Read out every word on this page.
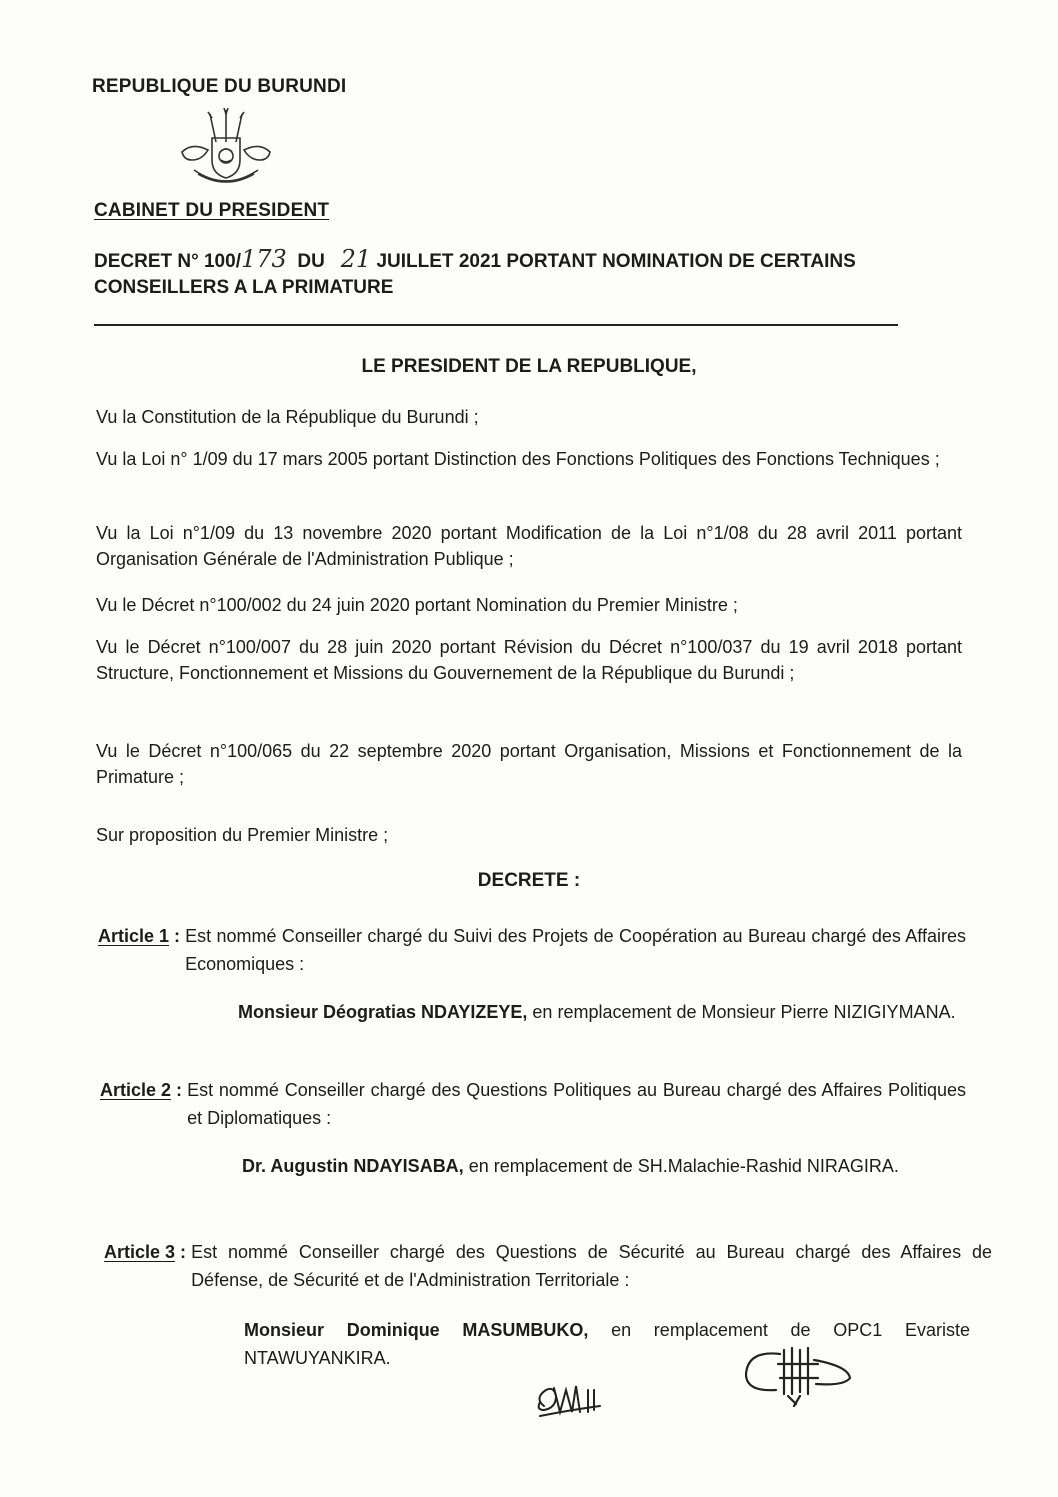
REPUBLIQUE DU BURUNDI
CABINET DU PRESIDENT
DECRET N° 100/173 DU 21 JUILLET 2021 PORTANT NOMINATION DE CERTAINS
CONSEILLERS A LA PRIMATURE
LE PRESIDENT DE LA REPUBLIQUE,
Vu la Constitution de la République du Burundi ;
Vu la Loi n° 1/09 du 17 mars 2005 portant Distinction des Fonctions Politiques des Fonctions Techniques ;
Vu la Loi n°1/09 du 13 novembre 2020 portant Modification de la Loi n°1/08 du 28 avril 2011 portant Organisation Générale de l'Administration Publique ;
Vu le Décret n°100/002 du 24 juin 2020 portant Nomination du Premier Ministre ;
Vu le Décret n°100/007 du 28 juin 2020 portant Révision du Décret n°100/037 du 19 avril 2018 portant Structure, Fonctionnement et Missions du Gouvernement de la République du Burundi ;
Vu le Décret n°100/065 du 22 septembre 2020 portant Organisation, Missions et Fonctionnement de la Primature ;
Sur proposition du Premier Ministre ;
DECRETE :
Article 1 : Est nommé Conseiller chargé du Suivi des Projets de Coopération au Bureau chargé des Affaires Economiques :
Monsieur Déogratias NDAYIZEYE, en remplacement de Monsieur Pierre NIZIGIYMANA.
Article 2 : Est nommé Conseiller chargé des Questions Politiques au Bureau chargé des Affaires Politiques et Diplomatiques :
Dr. Augustin NDAYISABA, en remplacement de SH.Malachie-Rashid NIRAGIRA.
Article 3 : Est nommé Conseiller chargé des Questions de Sécurité au Bureau chargé des Affaires de Défense, de Sécurité et de l'Administration Territoriale :
Monsieur Dominique MASUMBUKO, en remplacement de OPC1 Evariste NTAWUYANKIRA.
